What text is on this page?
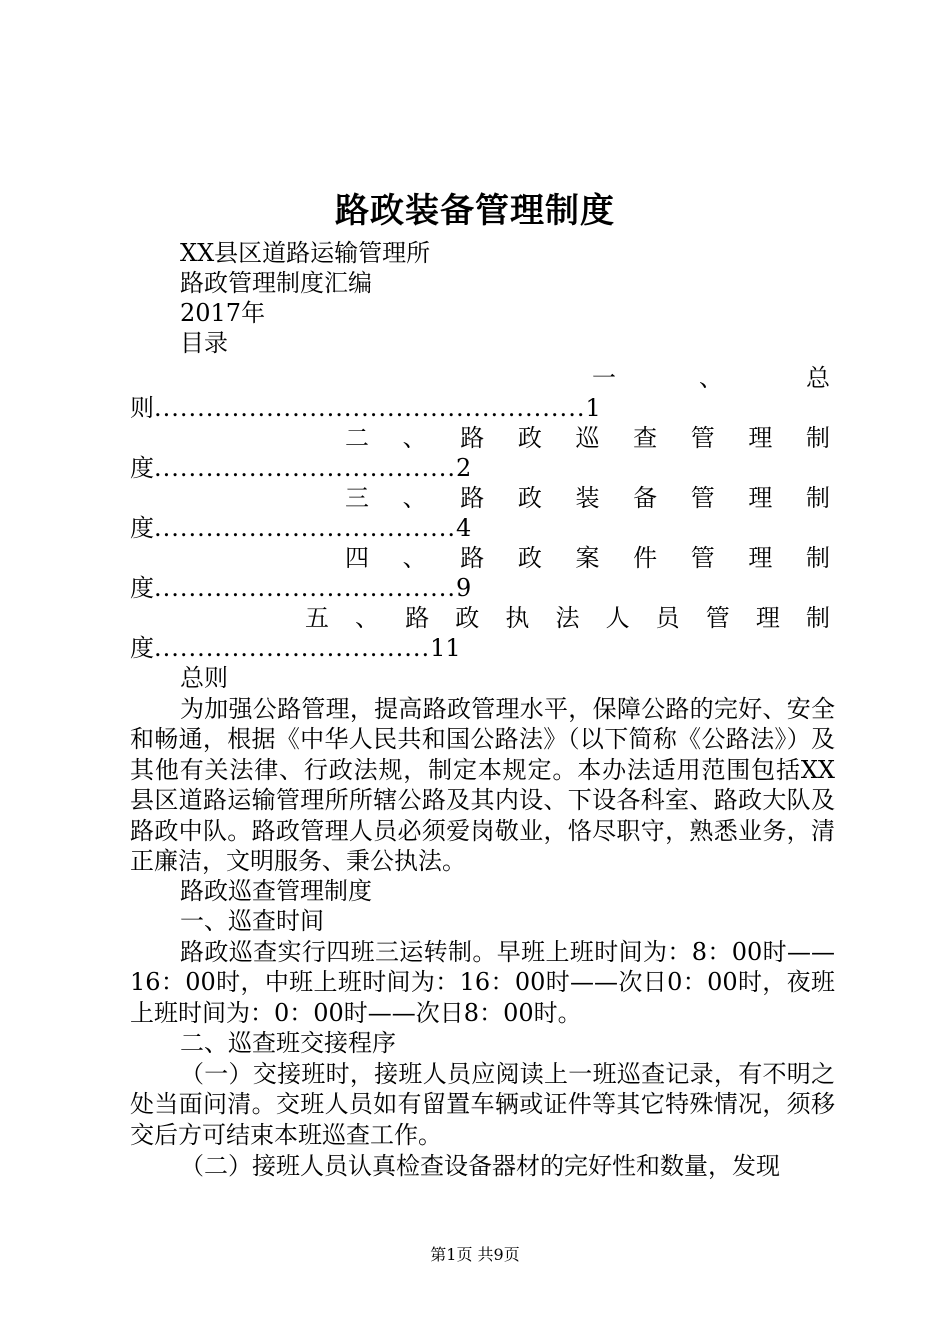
路政装备管理制度
XX县区道路运输管理所
路政管理制度汇编
2017年
目录
一	、	总
则..................................................1
二 、 路 政 巡 查 管 理 制
度...................................2
三 、 路 政 装 备 管 理 制
度...................................4
四 、 路 政 案 件 管 理 制
度...................................9
五 、 路 政 执 法 人 员 管 理 制
度................................11
总则

为加强公路管理，提高路政管理水平，保障公路的完好、安全和畅通，根据《中华人民共和国公路法》（以下简称《公路法》）及其他有关法律、行政法规，制定本规定。本办法适用范围包括XX县区道路运输管理所所辖公路及其内设、下设各科室、路政大队及路政中队。路政管理人员必须爱岗敬业，恪尽职守，熟悉业务，清正廉洁，文明服务、秉公执法。

路政巡查管理制度
一、巡查时间

路政巡查实行四班三运转制。早班上班时间为：8：00时——16：00时，中班上班时间为：16：00时——次日0：00时，夜班上班时间为：0：00时——次日8：00时。

二、巡查班交接程序

（一）交接班时，接班人员应阅读上一班巡查记录，有不明之处当面问清。交班人员如有留置车辆或证件等其它特殊情况，须移交后方可结束本班巡查工作。

（二）接班人员认真检查设备器材的完好性和数量，发现

第1页 共9页
